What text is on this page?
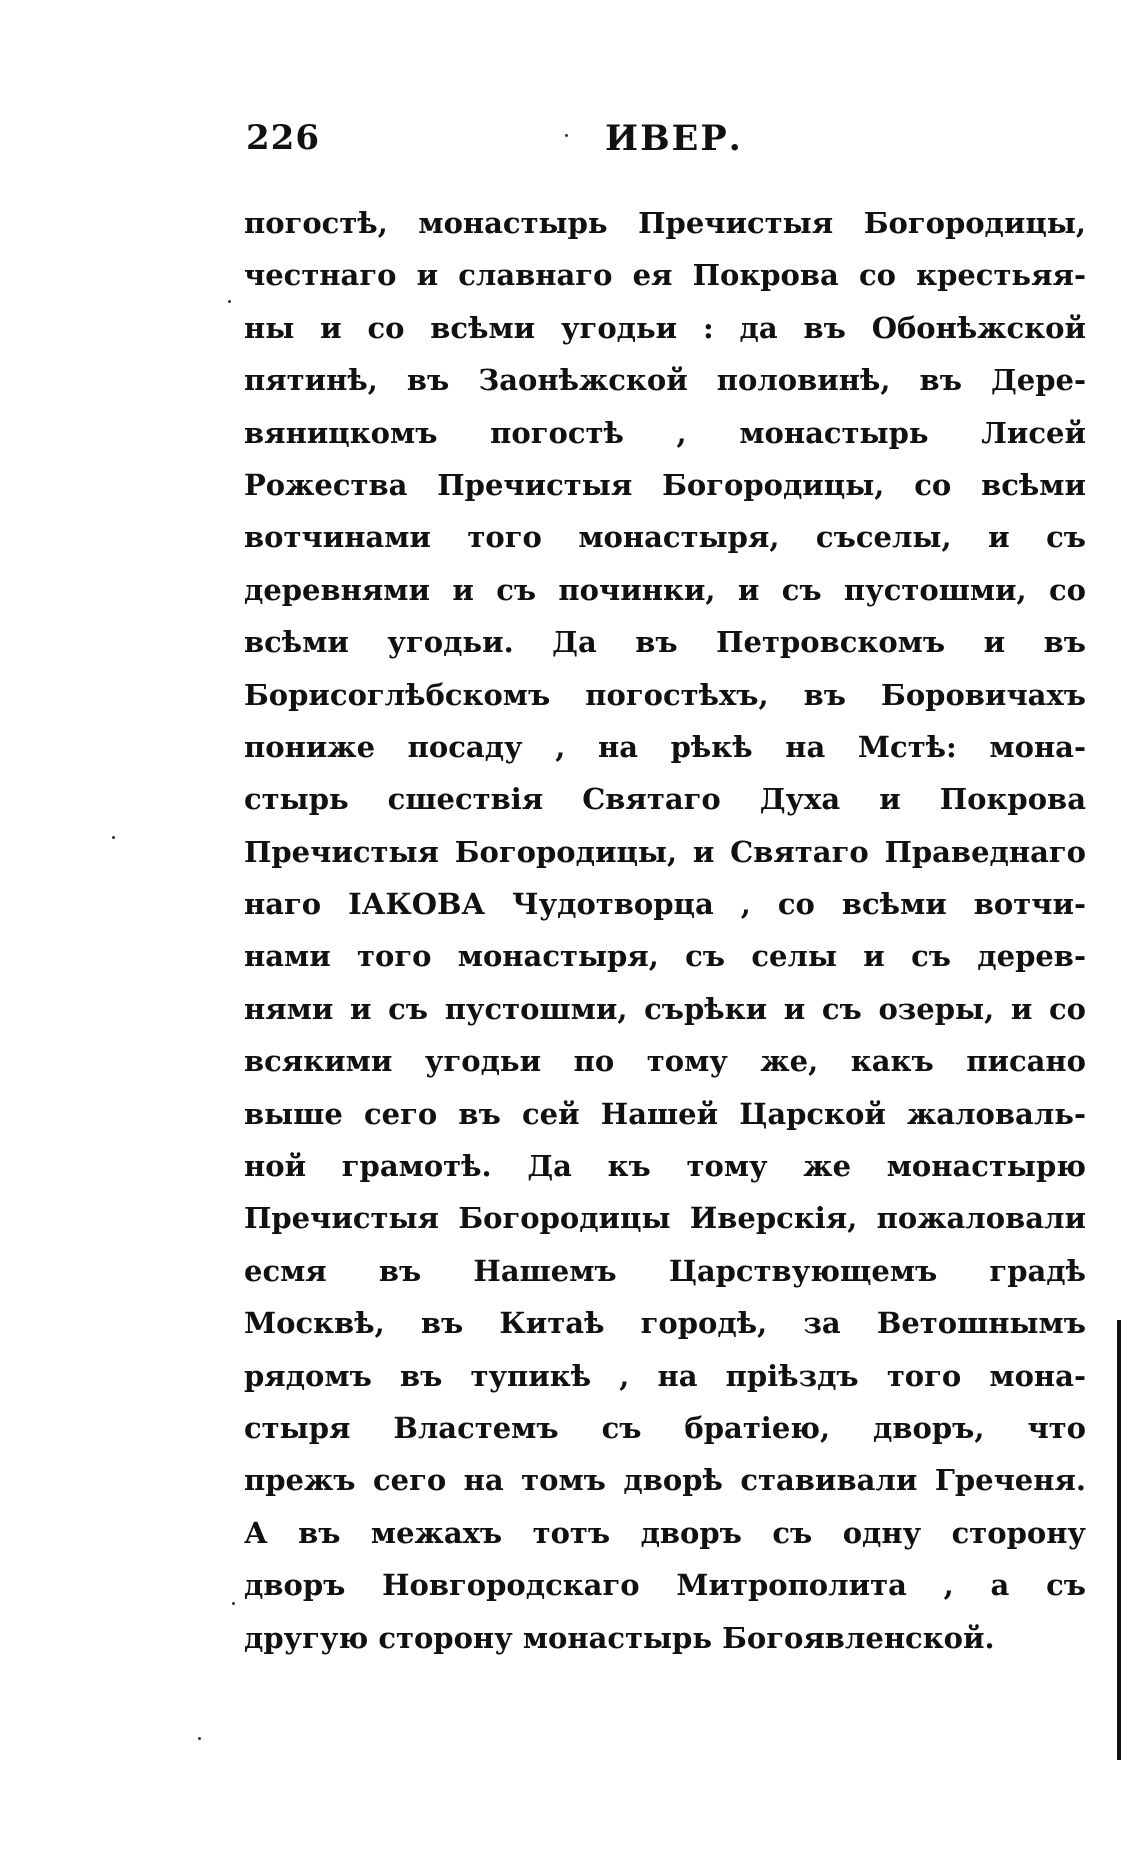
226	ИВЕР.
погостѣ, монастырь Пречистыя Богородицы,
честнаго и славнаго ея Покрова со крестьяя-
ны и со всѣми угодьи : да въ Обонѣжской
пятинѣ, въ Заонѣжской половинѣ, въ Дере-
вяницкомъ погостѣ , монастырь Лисей
Рожества Пречистыя Богородицы, со всѣми
вотчинами того монастыря, съселы, и съ
деревнями и съ починки, и съ пустошми, со
всѣми угодьи. Да въ Петровскомъ и въ
Борисоглѣбскомъ погостѣхъ, въ Боровичахъ
пониже посаду , на рѣкѣ на Мстѣ: мона-
стырь сшествія Святаго Духа и Покрова
Пречистыя Богородицы, и Святаго Праведнаго
наго ІАКОВА Чудотворца , со всѣми вотчи-
нами того монастыря, съ селы и съ дерев-
нями и съ пустошми, сърѣки и съ озеры, и со
всякими угодьи по тому же, какъ писано
выше сего въ сей Нашей Царской жаловаль-
ной грамотѣ. Да къ тому же монастырю
Пречистыя Богородицы Иверскія, пожаловали
есмя въ Нашемъ Царствующемъ градѣ
Москвѣ, въ Китаѣ городѣ, за Ветошнымъ
рядомъ въ тупикѣ , на пріѣздъ того мона-
стыря Властемъ съ братіею, дворъ, что
прежъ сего на томъ дворѣ ставивали Греченя.
А въ межахъ тотъ дворъ съ одну сторону
дворъ Новгородскаго Митрополита , а съ
другую сторону монастырь Богоявленской.
